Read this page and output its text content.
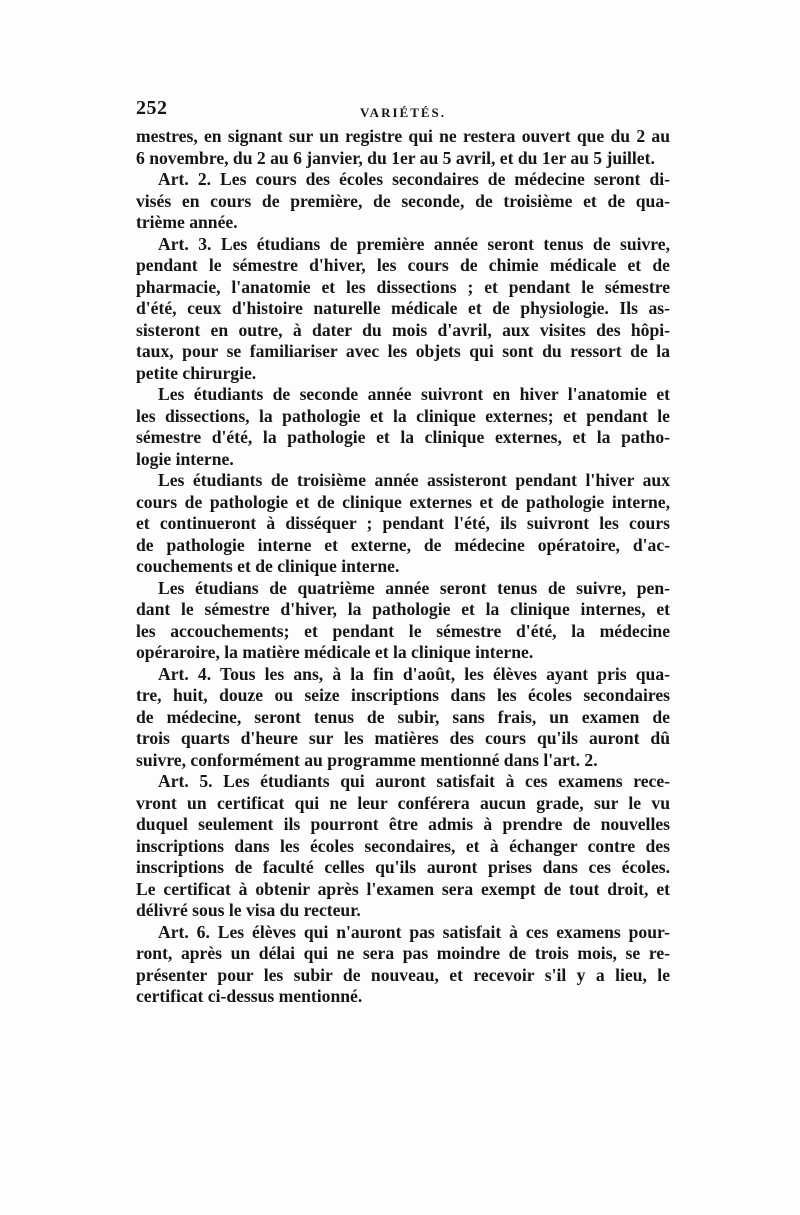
252	VARIÉTÉS.
mestres, en signant sur un registre qui ne restera ouvert que du 2 au
6 novembre, du 2 au 6 janvier, du 1er au 5 avril, et du 1er au 5 juillet.
Art. 2. Les cours des écoles secondaires de médecine seront di-
visés en cours de première, de seconde, de troisième et de qua-
trième année.
Art. 3. Les étudians de première année seront tenus de suivre,
pendant le sémestre d'hiver, les cours de chimie médicale et de
pharmacie, l'anatomie et les dissections ; et pendant le sémestre
d'été, ceux d'histoire naturelle médicale et de physiologie. Ils as-
sisteront en outre, à dater du mois d'avril, aux visites des hôpi-
taux, pour se familiariser avec les objets qui sont du ressort de la
petite chirurgie.
Les étudiants de seconde année suivront en hiver l'anatomie et
les dissections, la pathologie et la clinique externes; et pendant le
sémestre d'été, la pathologie et la clinique externes, et la patho-
logie interne.
Les étudiants de troisième année assisteront pendant l'hiver aux
cours de pathologie et de clinique externes et de pathologie interne,
et continueront à disséquer ; pendant l'été, ils suivront les cours
de pathologie interne et externe, de médecine opératoire, d'ac-
couchements et de clinique interne.
Les étudians de quatrième année seront tenus de suivre, pen-
dant le sémestre d'hiver, la pathologie et la clinique internes, et
les accouchements; et pendant le sémestre d'été, la médecine
opéraroire, la matière médicale et la clinique interne.
Art. 4. Tous les ans, à la fin d'août, les élèves ayant pris qua-
tre, huit, douze ou seize inscriptions dans les écoles secondaires
de médecine, seront tenus de subir, sans frais, un examen de
trois quarts d'heure sur les matières des cours qu'ils auront dû
suivre, conformément au programme mentionné dans l'art. 2.
Art. 5. Les étudiants qui auront satisfait à ces examens rece-
vront un certificat qui ne leur conférera aucun grade, sur le vu
duquel seulement ils pourront être admis à prendre de nouvelles
inscriptions dans les écoles secondaires, et à échanger contre des
inscriptions de faculté celles qu'ils auront prises dans ces écoles.
Le certificat à obtenir après l'examen sera exempt de tout droit, et
délivré sous le visa du recteur.
Art. 6. Les élèves qui n'auront pas satisfait à ces examens pour-
ront, après un délai qui ne sera pas moindre de trois mois, se re-
présenter pour les subir de nouveau, et recevoir s'il y a lieu, le
certificat ci-dessus mentionné.
